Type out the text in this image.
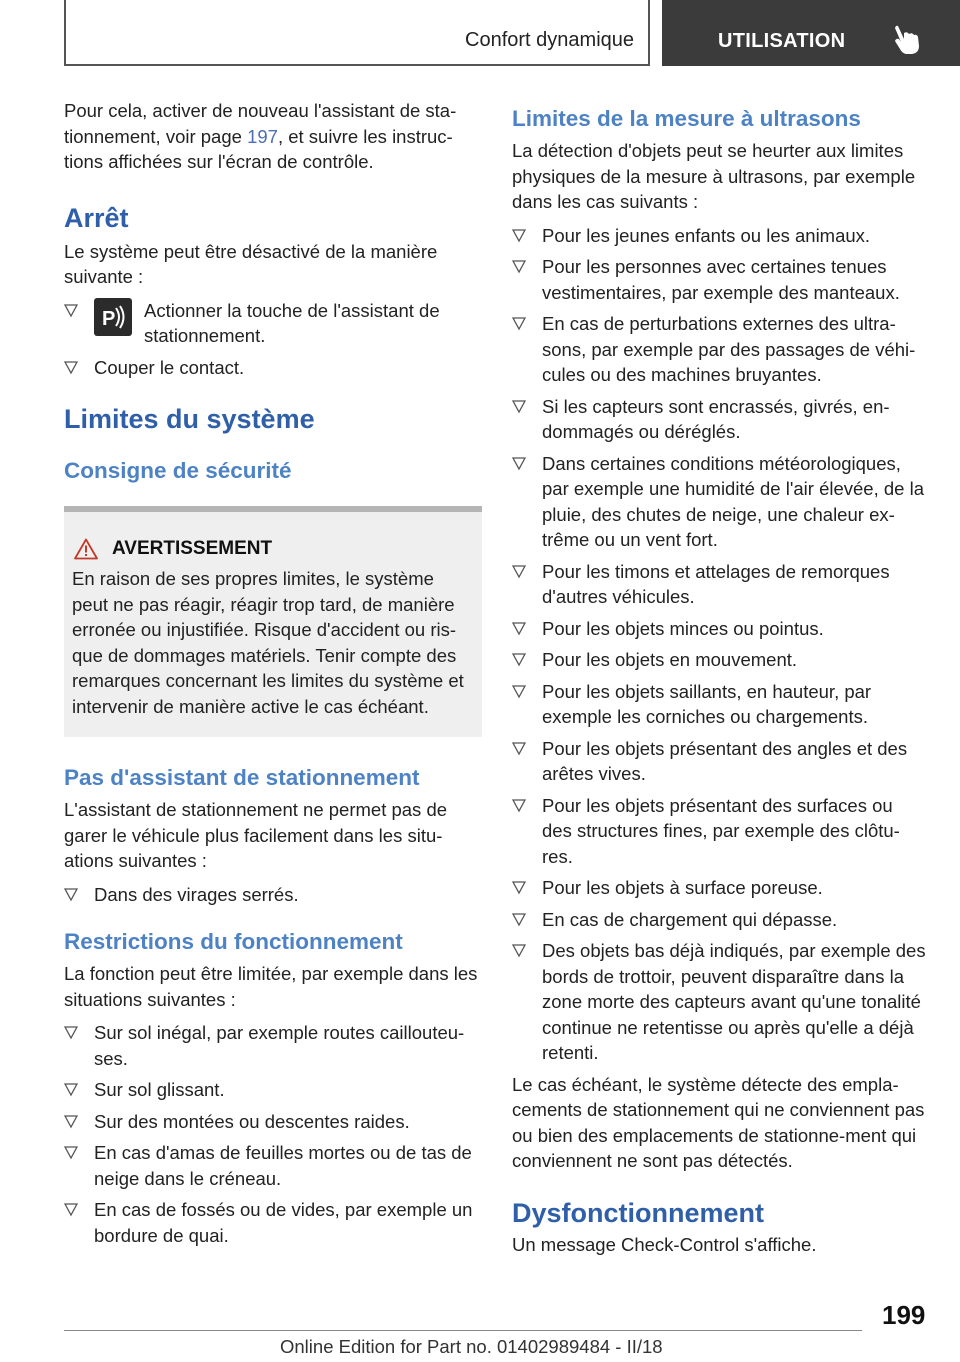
Confort dynamique	UTILISATION

Pour cela, activer de nouveau l'assistant de sta‐tionnement, voir page 197, et suivre les instruc‐tions affichées sur l'écran de contrôle.

Arrêt

Le système peut être désactivé de la manière suivante :

P Actionner la touche de l'assistant de stationnement.
Couper le contact.
Limites du système
Consigne de sécurité
AVERTISSEMENT

En raison de ses propres limites, le système peut ne pas réagir, réagir trop tard, de manière erronée ou injustifiée. Risque d'accident ou ris‐que de dommages matériels. Tenir compte des remarques concernant les limites du système et intervenir de manière active le cas échéant.

Pas d'assistant de stationnement

L'assistant de stationnement ne permet pas de garer le véhicule plus facilement dans les situ‐ations suivantes :

Dans des virages serrés.
Restrictions du fonctionnement

La fonction peut être limitée, par exemple dans les situations suivantes :

Sur sol inégal, par exemple routes caillouteu‐ses.
Sur sol glissant.
Sur des montées ou descentes raides.
En cas d'amas de feuilles mortes ou de tas de neige dans le créneau.
En cas de fossés ou de vides, par exemple un bordure de quai.
Limites de la mesure à ultrasons

La détection d'objets peut se heurter aux limites physiques de la mesure à ultrasons, par exemple dans les cas suivants :

Pour les jeunes enfants ou les animaux.
Pour les personnes avec certaines tenues vestimentaires, par exemple des manteaux.
En cas de perturbations externes des ultra‐sons, par exemple par des passages de véhi‐cules ou des machines bruyantes.
Si les capteurs sont encrassés, givrés, en‐dommagés ou déréglés.
Dans certaines conditions météorologiques, par exemple une humidité de l'air élevée, de la pluie, des chutes de neige, une chaleur ex‐trême ou un vent fort.
Pour les timons et attelages de remorques d'autres véhicules.
Pour les objets minces ou pointus.
Pour les objets en mouvement.
Pour les objets saillants, en hauteur, par exemple les corniches ou chargements.
Pour les objets présentant des angles et des arêtes vives.
Pour les objets présentant des surfaces ou des structures fines, par exemple des clôtu‐res.
Pour les objets à surface poreuse.
En cas de chargement qui dépasse.
Des objets bas déjà indiqués, par exemple des bords de trottoir, peuvent disparaître dans la zone morte des capteurs avant qu'une tonalité continue ne retentisse ou après qu'elle a déjà retenti.

Le cas échéant, le système détecte des empla‐cements de stationnement qui ne conviennent pas ou bien des emplacements de stationne‐ment qui conviennent ne sont pas détectés.

Dysfonctionnement

Un message Check-Control s'affiche.

199
Online Edition for Part no. 01402989484 - II/18
